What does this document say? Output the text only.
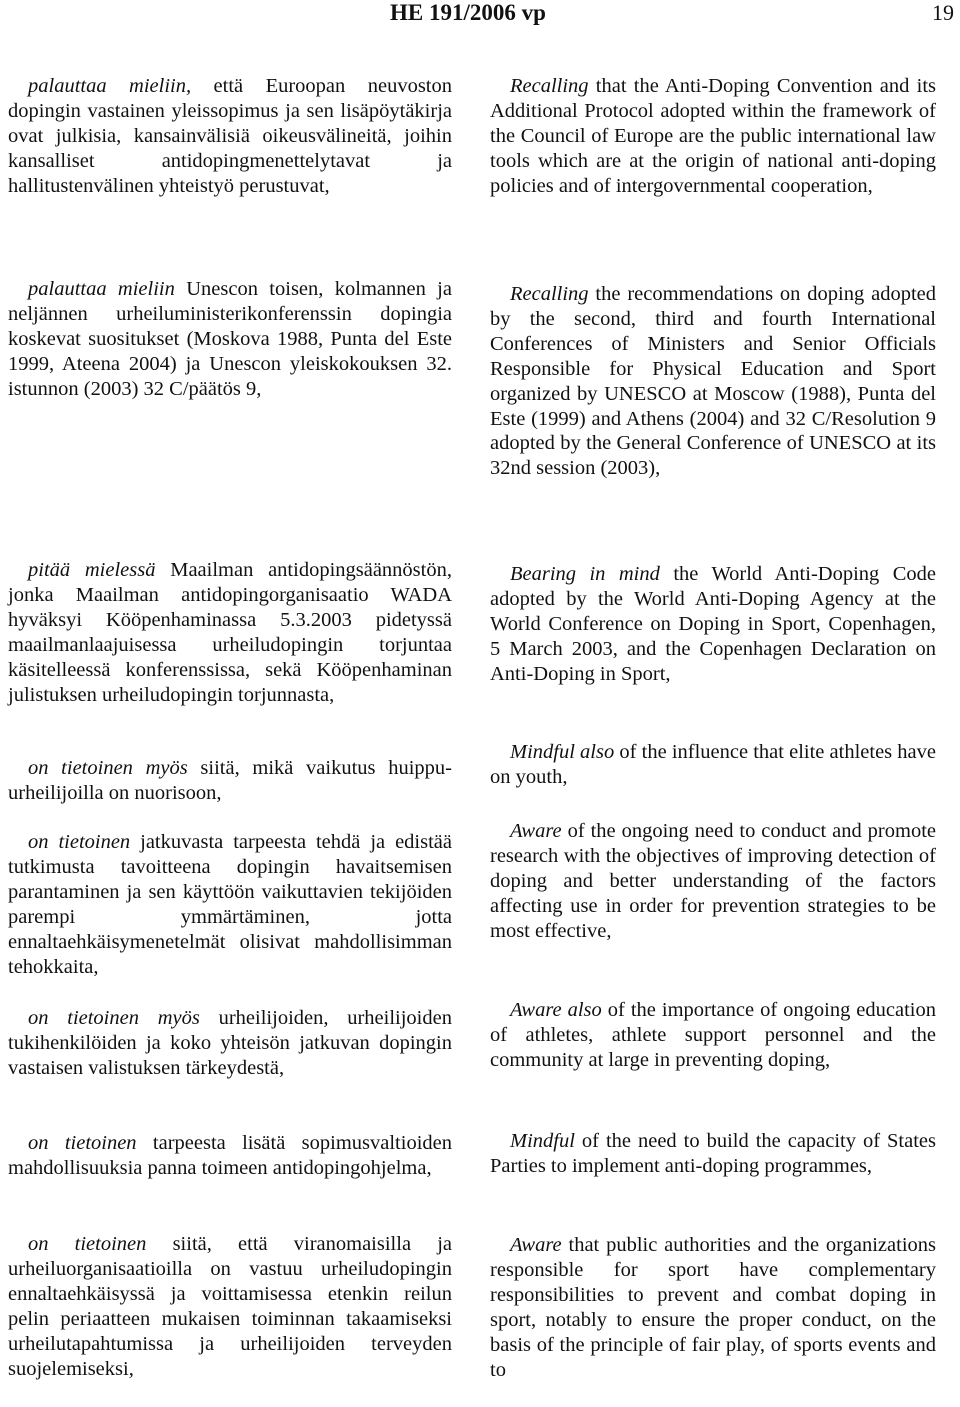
HE 191/2006 vp	19

palauttaa mieliin, että Euroopan neuvoston dopingin vastainen yleissopimus ja sen lisäpöytäkirja ovat julkisia, kansainvälisiä oikeusvälineitä, joihin kansalliset antidopingmenettelytavat ja hallitustenvälinen yhteistyö perustuvat,

palauttaa mieliin Unescon toisen, kolmannen ja neljännen urheiluministerikonferenssin dopingia koskevat suositukset (Moskova 1988, Punta del Este 1999, Ateena 2004) ja Unescon yleiskokouksen 32. istunnon (2003) 32 C/päätös 9,

pitää mielessä Maailman antidopingsäännöstön, jonka Maailman antidopingorganisaatio WADA hyväksyi Kööpenhaminassa 5.3.2003 pidetyssä maailmanlaajuisessa urheiludopingin torjuntaa käsitelleessä konferenssissa, sekä Kööpenhaminan julistuksen urheiludopingin torjunnasta,

on tietoinen myös siitä, mikä vaikutus huippu-urheilijoilla on nuorisoon,

on tietoinen jatkuvasta tarpeesta tehdä ja edistää tutkimusta tavoitteena dopingin havaitsemisen parantaminen ja sen käyttöön vaikuttavien tekijöiden parempi ymmärtäminen, jotta ennaltaehkäisymenetelmät olisivat mahdollisimman tehokkaita,

on tietoinen myös urheilijoiden, urheilijoiden tukihenkilöiden ja koko yhteisön jatkuvan dopingin vastaisen valistuksen tärkeydestä,

on tietoinen tarpeesta lisätä sopimusvaltioiden mahdollisuuksia panna toimeen antidopingohjelma,

on tietoinen siitä, että viranomaisilla ja urheiluorganisaatioilla on vastuu urheiludopingin ennaltaehkäisyssä ja voittamisessa etenkin reilun pelin periaatteen mukaisen toiminnan takaamiseksi urheilutapahtumissa ja urheilijoiden terveyden suojelemiseksi,

Recalling that the Anti-Doping Convention and its Additional Protocol adopted within the framework of the Council of Europe are the public international law tools which are at the origin of national anti-doping policies and of intergovernmental cooperation,

Recalling the recommendations on doping adopted by the second, third and fourth International Conferences of Ministers and Senior Officials Responsible for Physical Education and Sport organized by UNESCO at Moscow (1988), Punta del Este (1999) and Athens (2004) and 32 C/Resolution 9 adopted by the General Conference of UNESCO at its 32nd session (2003),

Bearing in mind the World Anti-Doping Code adopted by the World Anti-Doping Agency at the World Conference on Doping in Sport, Copenhagen, 5 March 2003, and the Copenhagen Declaration on Anti-Doping in Sport,

Mindful also of the influence that elite athletes have on youth,

Aware of the ongoing need to conduct and promote research with the objectives of improving detection of doping and better understanding of the factors affecting use in order for prevention strategies to be most effective,

Aware also of the importance of ongoing education of athletes, athlete support personnel and the community at large in preventing doping,

Mindful of the need to build the capacity of States Parties to implement anti-doping programmes,

Aware that public authorities and the organizations responsible for sport have complementary responsibilities to prevent and combat doping in sport, notably to ensure the proper conduct, on the basis of the principle of fair play, of sports events and to
